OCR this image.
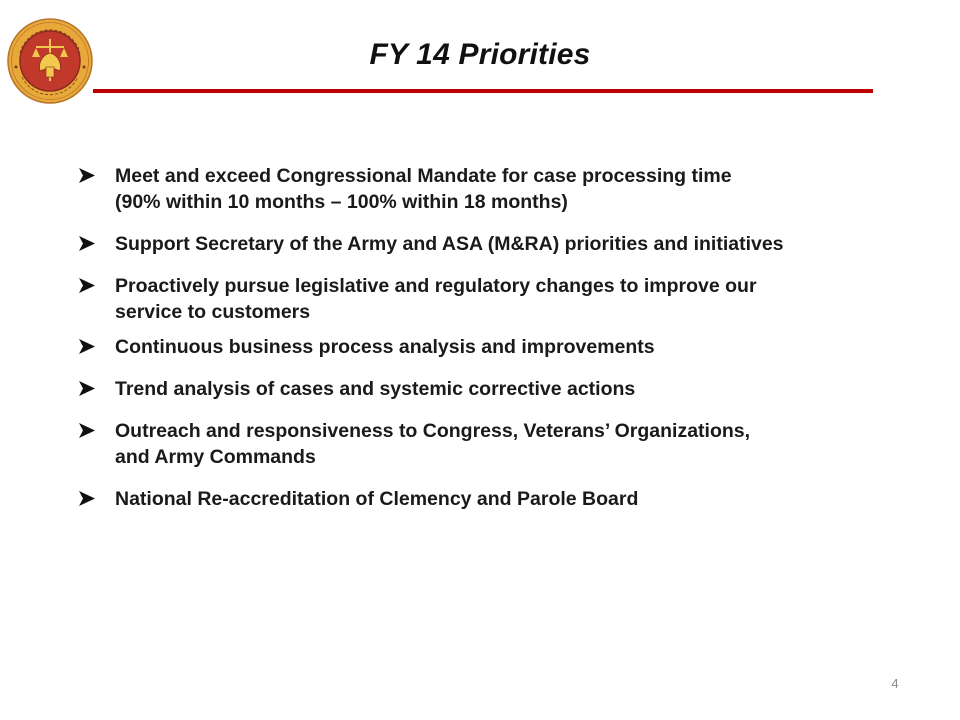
FY 14 Priorities
Meet and exceed Congressional Mandate for case processing time
(90% within 10 months – 100% within 18 months)
Support Secretary of the Army and ASA (M&RA) priorities and initiatives
Proactively pursue legislative and regulatory changes to improve our
service to customers
Continuous business process analysis and improvements
Trend analysis of cases and systemic corrective actions
Outreach and responsiveness to Congress, Veterans’ Organizations,
and Army Commands
National Re-accreditation of Clemency and Parole Board
4
